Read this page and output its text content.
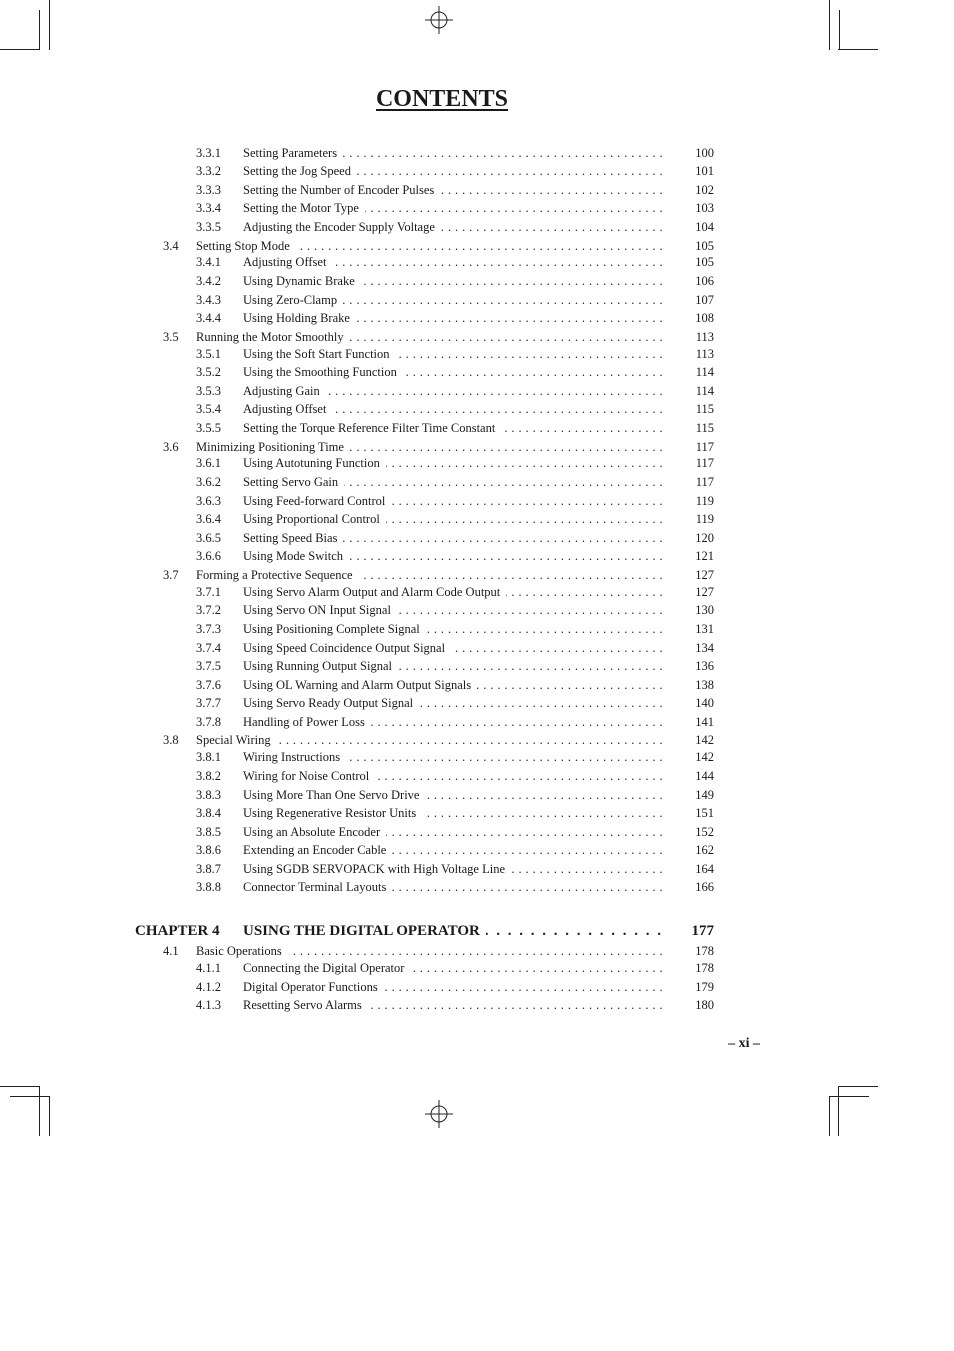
CONTENTS
3.3.1 Setting Parameters . . .	100
3.3.2 Setting the Jog Speed . . .	101
3.3.3 Setting the Number of Encoder Pulses . . .	102
3.3.4 Setting the Motor Type . . .	103
3.3.5 Adjusting the Encoder Supply Voltage . . .	104
3.4 Setting Stop Mode . . .	105
3.4.1 Adjusting Offset . . .	105
3.4.2 Using Dynamic Brake . . .	106
3.4.3 Using Zero-Clamp . . .	107
3.4.4 Using Holding Brake . . .	108
3.5 Running the Motor Smoothly . . .	113
3.5.1 Using the Soft Start Function . . .	113
3.5.2 Using the Smoothing Function . . .	114
3.5.3 Adjusting Gain . . .	114
3.5.4 Adjusting Offset . . .	115
3.5.5 Setting the Torque Reference Filter Time Constant . . .	115
3.6 Minimizing Positioning Time . . .	117
3.6.1 Using Autotuning Function . . .	117
3.6.2 Setting Servo Gain . . .	117
3.6.3 Using Feed-forward Control . . .	119
3.6.4 Using Proportional Control . . .	119
3.6.5 Setting Speed Bias . . .	120
3.6.6 Using Mode Switch . . .	121
3.7 Forming a Protective Sequence . . .	127
3.7.1 Using Servo Alarm Output and Alarm Code Output . . .	127
3.7.2 Using Servo ON Input Signal . . .	130
3.7.3 Using Positioning Complete Signal . . .	131
3.7.4 Using Speed Coincidence Output Signal . . .	134
3.7.5 Using Running Output Signal . . .	136
3.7.6 Using OL Warning and Alarm Output Signals . . .	138
3.7.7 Using Servo Ready Output Signal . . .	140
3.7.8 Handling of Power Loss . . .	141
3.8 Special Wiring . . .	142
3.8.1 Wiring Instructions . . .	142
3.8.2 Wiring for Noise Control . . .	144
3.8.3 Using More Than One Servo Drive . . .	149
3.8.4 Using Regenerative Resistor Units . . .	151
3.8.5 Using an Absolute Encoder . . .	152
3.8.6 Extending an Encoder Cable . . .	162
3.8.7 Using SGDB SERVOPACK with High Voltage Line . . .	164
3.8.8 Connector Terminal Layouts . . .	166
CHAPTER 4 USING THE DIGITAL OPERATOR . . .	177
4.1 Basic Operations . . .	178
4.1.1 Connecting the Digital Operator . . .	178
4.1.2 Digital Operator Functions . . .	179
4.1.3 Resetting Servo Alarms . . .	180
– xi –
